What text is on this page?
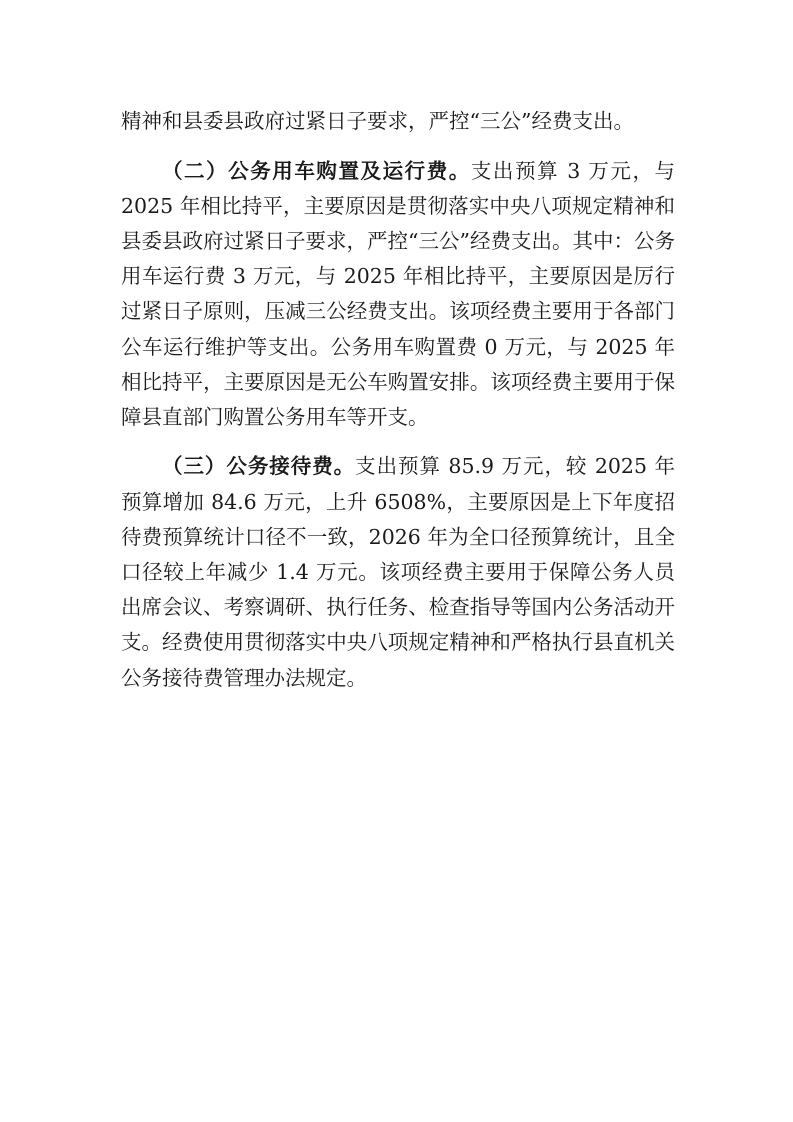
精神和县委县政府过紧日子要求，严控“三公”经费支出。

（二）公务用车购置及运行费。支出预算 3 万元，与 2025 年相比持平，主要原因是贯彻落实中央八项规定精神和县委县政府过紧日子要求，严控“三公”经费支出。其中：公务用车运行费 3 万元，与 2025 年相比持平，主要原因是厉行过紧日子原则，压减三公经费支出。该项经费主要用于各部门公车运行维护等支出。公务用车购置费 0 万元，与 2025 年相比持平，主要原因是无公车购置安排。该项经费主要用于保障县直部门购置公务用车等开支。

（三）公务接待费。支出预算 85.9 万元，较 2025 年预算增加 84.6 万元，上升 6508%，主要原因是上下年度招待费预算统计口径不一致，2026 年为全口径预算统计，且全口径较上年减少 1.4 万元。该项经费主要用于保障公务人员出席会议、考察调研、执行任务、检查指导等国内公务活动开支。经费使用贯彻落实中央八项规定精神和严格执行县直机关公务接待费管理办法规定。
